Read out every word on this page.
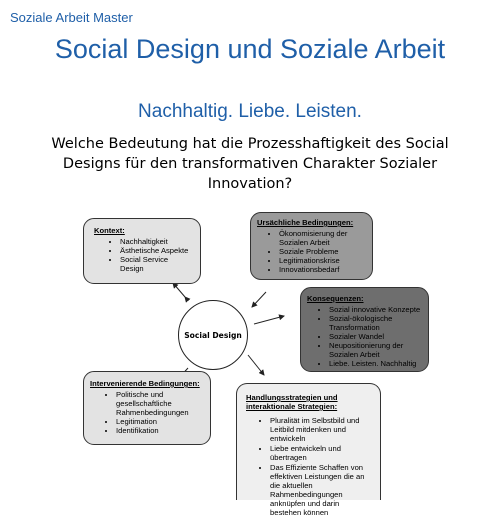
Soziale Arbeit Master
Social Design und Soziale Arbeit
Nachhaltig. Liebe. Leisten.
Welche Bedeutung hat die Prozesshaftigkeit des Social Designs für den transformativen Charakter Sozialer Innovation?
Social Design
Kontext:
• Nachhaltigkeit
• Ästhetische Aspekte
• Social Service Design
Ursächliche Bedingungen:
• Ökonomisierung der Sozialen Arbeit
• Soziale Probleme
• Legitimationskrise
• Innovationsbedarf
Konsequenzen:
• Sozial innovative Konzepte
• Sozial-ökologische Transformation
• Sozialer Wandel
• Neupositionierung der Sozialen Arbeit
• Liebe. Leisten. Nachhaltig
Intervenierende Bedingungen:
• Politische und gesellschaftliche Rahmenbedingungen
• Legitimation
• Identifikation
Handlungsstrategien und interaktionale Strategien:
• Pluralität im Selbstbild und Leitbild mitdenken und entwickeln
• Liebe entwickeln und übertragen
• Das Effiziente Schaffen von effektiven Leistungen die an die aktuellen Rahmenbedingungen anknüpfen und darin bestehen können
